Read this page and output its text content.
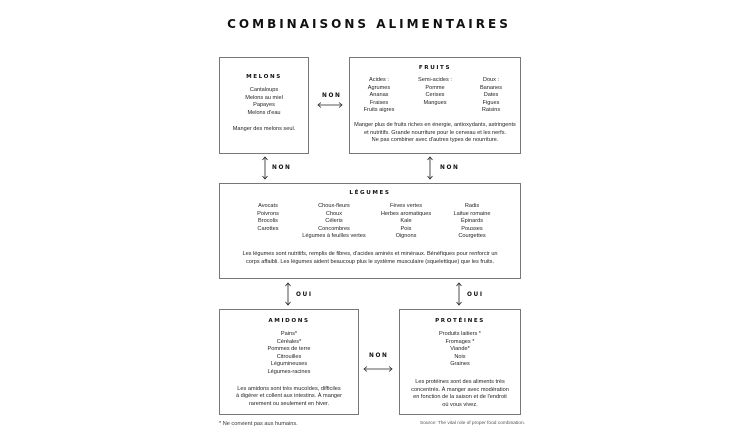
COMBINAISONS ALIMENTAIRES
MELONS
Cantaloups
Melons au miel
Papayes
Melons d'eau
Manger des melons seul.
FRUITS
Acides :
Agrumes
Ananas
Fraises
Fruits aigres
Semi-acides :
Pomme
Cerises
Mangues
Doux :
Bananes
Dates
Figues
Raisins
Manger plus de fruits riches en énergie, antioxydants, astringents
et nutritifs. Grande nourriture pour le cerveau et les nerfs.
Ne pas combiner avec d'autres types de nourriture.
LÉGUMES
Avocats
Poivrons
Brocolis
Carottes
Choux-fleurs
Choux
Céleris
Concombres
Légumes à feuilles vertes
Fèves vertes
Herbes aromatiques
Kale
Pois
Oignons
Radis
Laitue romaine
Épinards
Pousses
Courgettes
Les légumes sont nutritifs, remplis de fibres, d'acides aminés et minéraux. Bénéfiques pour renforcir un
corps affaibli. Les légumes aident beaucoup plus le système musculaire (squelettique) que les fruits.
AMIDONS
Pains*
Céréales*
Pommes de terre
Citrouilles
Légumineuses
Légumes-racines
Les amidons sont très mucoïdes, difficiles
à digérer et collent aux intestins. À manger
rarement ou seulement en hiver.
PROTÉINES
Produits laitiers *
Fromages *
Viande*
Noix
Graines
Les protéines sont des aliments très
concentrés. À manger avec modération
en fonction de la saison et de l'endroit
où vous vivez.
NON
NON	NON
OUI	OUI
NON
* Ne convient pas aux humains.	Source: The vital role of proper food combination.
